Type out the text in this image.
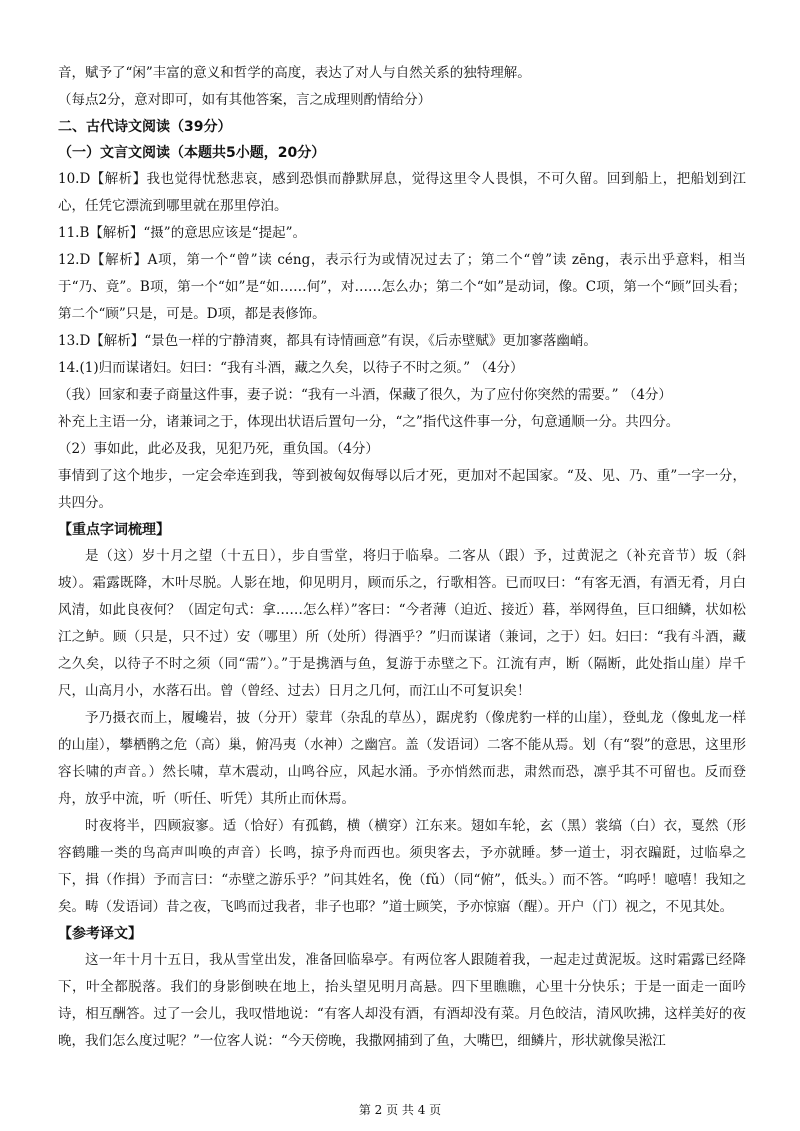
音，赋予了“闲”丰富的意义和哲学的高度，表达了对人与自然关系的独特理解。

（每点2分，意对即可，如有其他答案，言之成理则酌情给分）

二、古代诗文阅读（39分）

（一）文言文阅读（本题共5小题，20分）

10.D【解析】我也觉得忧愁悲哀，感到恐惧而静默屏息，觉得这里令人畏惧，不可久留。回到船上，把船划到江心，任凭它漂流到哪里就在那里停泊。

11.B【解析】“摄”的意思应该是“提起”。

12.D【解析】A项，第一个“曾”读 céng，表示行为或情况过去了；第二个“曾”读 zēng，表示出乎意料，相当于“乃、竟”。B项，第一个“如”是“如……何”，对……怎么办；第二个“如”是动词，像。C项，第一个“顾”回头看；第二个“顾”只是，可是。D项，都是表修饰。

13.D【解析】“景色一样的宁静清爽，都具有诗情画意”有误，《后赤壁赋》更加寥落幽峭。

14.(1)归而谋诸妇。妇曰：“我有斗酒，藏之久矣，以待子不时之须。” （4分）

（我）回家和妻子商量这件事，妻子说：“我有一斗酒，保藏了很久，为了应付你突然的需要。” （4分）

补充上主语一分，诸兼词之于，体现出状语后置句一分，“之”指代这件事一分，句意通顺一分。共四分。

（2）事如此，此必及我，见犯乃死，重负国。（4分）

事情到了这个地步，一定会牵连到我，等到被匈奴侮辱以后才死，更加对不起国家。“及、见、乃、重”一字一分，共四分。

【重点字词梳理】

是（这）岁十月之望（十五日），步自雪堂，将归于临皋。二客从（跟）予，过黄泥之（补充音节）坂（斜坡）。霜露既降，木叶尽脱。人影在地，仰见明月，顾而乐之，行歌相答。已而叹曰：“有客无酒，有酒无肴，月白风清，如此良夜何？（固定句式：拿……怎么样）”客曰：“今者薄（迫近、接近）暮，举网得鱼，巨口细鳞，状如松江之鲈。顾（只是，只不过）安（哪里）所（处所）得酒乎？”归而谋诸（兼词，之于）妇。妇曰：“我有斗酒，藏之久矣，以待子不时之须（同“需”）。”于是携酒与鱼，复游于赤壁之下。江流有声，断（隔断，此处指山崖）岸千尺，山高月小，水落石出。曾（曾经、过去）日月之几何，而江山不可复识矣！

予乃摄衣而上，履巉岩，披（分开）蒙茸（杂乱的草丛），踞虎豹（像虎豹一样的山崖），登虬龙（像虬龙一样的山崖），攀栖鹘之危（高）巢，俯冯夷（水神）之幽宫。盖（发语词）二客不能从焉。划（有“裂”的意思，这里形容长啸的声音。）然长啸，草木震动，山鸣谷应，风起水涌。予亦悄然而悲，肃然而恐，凛乎其不可留也。反而登舟，放乎中流，听（听任、听凭）其所止而休焉。

时夜将半，四顾寂寥。适（恰好）有孤鹤，横（横穿）江东来。翅如车轮，玄（黑）裳缟（白）衣，戛然（形容鹤雕一类的鸟高声叫唤的声音）长鸣，掠予舟而西也。须臾客去，予亦就睡。梦一道士，羽衣蹁跹，过临皋之下，揖（作揖）予而言曰：“赤壁之游乐乎？”问其姓名，俛（fǔ）（同“俯”，低头。）而不答。“呜呼！噫嘻！我知之矣。畴（发语词）昔之夜，飞鸣而过我者，非子也耶？”道士顾笑，予亦惊寤（醒）。开户（门）视之，不见其处。

【参考译文】

这一年十月十五日，我从雪堂出发，准备回临皋亭。有两位客人跟随着我，一起走过黄泥坂。这时霜露已经降下，叶全都脱落。我们的身影倒映在地上，抬头望见明月高悬。四下里瞧瞧，心里十分快乐；于是一面走一面吟诗，相互酬答。过了一会儿，我叹惜地说：“有客人却没有酒，有酒却没有菜。月色皎洁，清风吹拂，这样美好的夜晚，我们怎么度过呢？”一位客人说：“今天傍晚，我撒网捕到了鱼，大嘴巴，细鳞片，形状就像吴淞江

第 2 页 共 4 页
